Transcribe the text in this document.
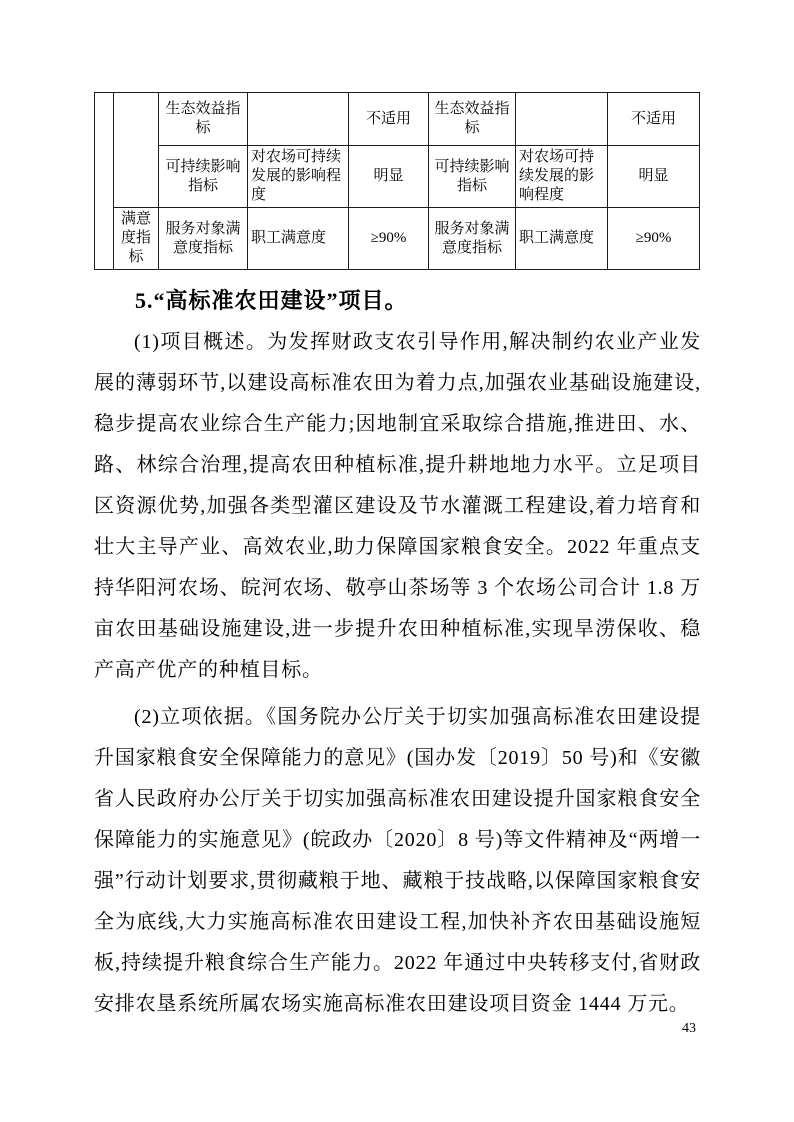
		生态效益指标		不适用	生态效益指标		不适用
		可持续影响指标	对农场可持续发展的影响程度	明显	可持续影响指标	对农场可持续发展的影响程度	明显
	满意度指标	服务对象满意度指标	职工满意度	≥90%	服务对象满意度指标	职工满意度	≥90%
5.“高标准农田建设”项目。

(1)项目概述。为发挥财政支农引导作用,解决制约农业产业发展的薄弱环节,以建设高标准农田为着力点,加强农业基础设施建设,稳步提高农业综合生产能力;因地制宜采取综合措施,推进田、水、路、林综合治理,提高农田种植标准,提升耕地地力水平。立足项目区资源优势,加强各类型灌区建设及节水灌溉工程建设,着力培育和壮大主导产业、高效农业,助力保障国家粮食安全。2022 年重点支持华阳河农场、皖河农场、敬亭山茶场等 3 个农场公司合计 1.8 万亩农田基础设施建设,进一步提升农田种植标准,实现旱涝保收、稳产高产优产的种植目标。

(2)立项依据。《国务院办公厅关于切实加强高标准农田建设提升国家粮食安全保障能力的意见》(国办发〔2019〕50 号)和《安徽省人民政府办公厅关于切实加强高标准农田建设提升国家粮食安全保障能力的实施意见》(皖政办〔2020〕8 号)等文件精神及“两增一强”行动计划要求,贯彻藏粮于地、藏粮于技战略,以保障国家粮食安全为底线,大力实施高标准农田建设工程,加快补齐农田基础设施短板,持续提升粮食综合生产能力。2022 年通过中央转移支付,省财政安排农垦系统所属农场实施高标准农田建设项目资金 1444 万元。

43
